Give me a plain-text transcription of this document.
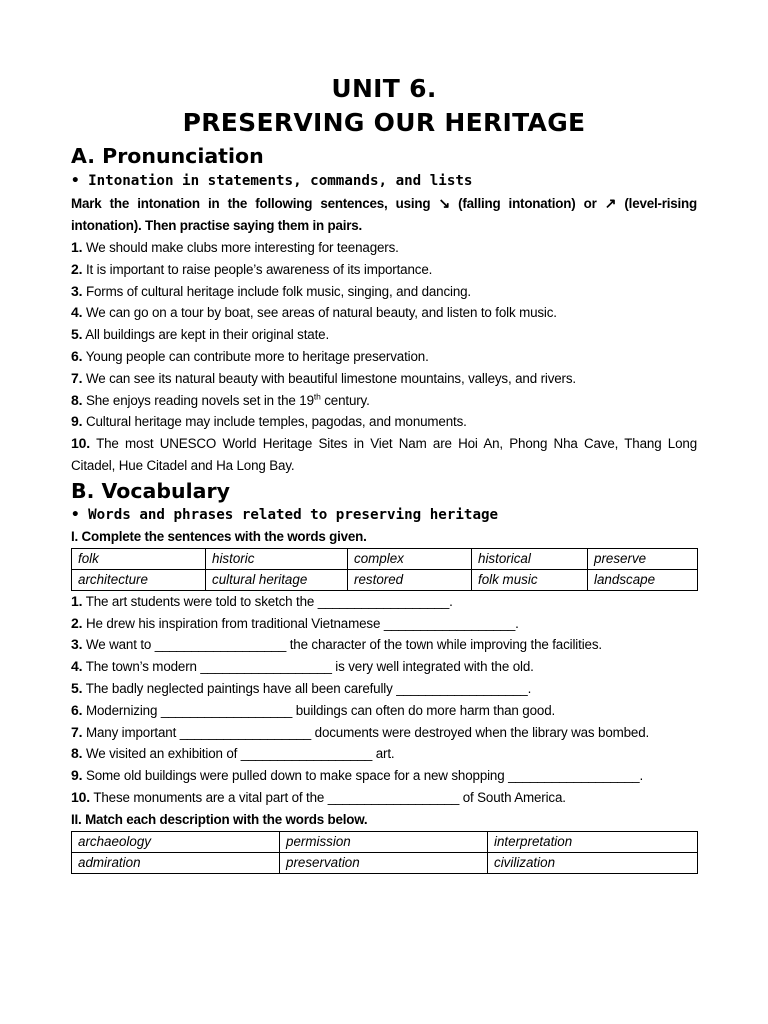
UNIT 6.
PRESERVING OUR HERITAGE
A. Pronunciation
• Intonation in statements, commands, and lists
Mark the intonation in the following sentences, using ↘ (falling intonation) or ↗ (level-rising intonation). Then practise saying them in pairs.
1. We should make clubs more interesting for teenagers.
2. It is important to raise people’s awareness of its importance.
3. Forms of cultural heritage include folk music, singing, and dancing.
4. We can go on a tour by boat, see areas of natural beauty, and listen to folk music.
5. All buildings are kept in their original state.
6. Young people can contribute more to heritage preservation.
7. We can see its natural beauty with beautiful limestone mountains, valleys, and rivers.
8. She enjoys reading novels set in the 19th century.
9. Cultural heritage may include temples, pagodas, and monuments.
10. The most UNESCO World Heritage Sites in Viet Nam are Hoi An, Phong Nha Cave, Thang Long Citadel, Hue Citadel and Ha Long Bay.
B. Vocabulary
• Words and phrases related to preserving heritage
I. Complete the sentences with the words given.
folk	historic	complex	historical	preserve
architecture	cultural heritage	restored	folk music	landscape
1. The art students were told to sketch the __________________.
2. He drew his inspiration from traditional Vietnamese __________________.
3. We want to __________________ the character of the town while improving the facilities.
4. The town’s modern __________________ is very well integrated with the old.
5. The badly neglected paintings have all been carefully __________________.
6. Modernizing __________________ buildings can often do more harm than good.
7. Many important __________________ documents were destroyed when the library was bombed.
8. We visited an exhibition of __________________ art.
9. Some old buildings were pulled down to make space for a new shopping __________________.
10. These monuments are a vital part of the __________________ of South America.
II. Match each description with the words below.
archaeology	permission	interpretation
admiration	preservation	civilization
